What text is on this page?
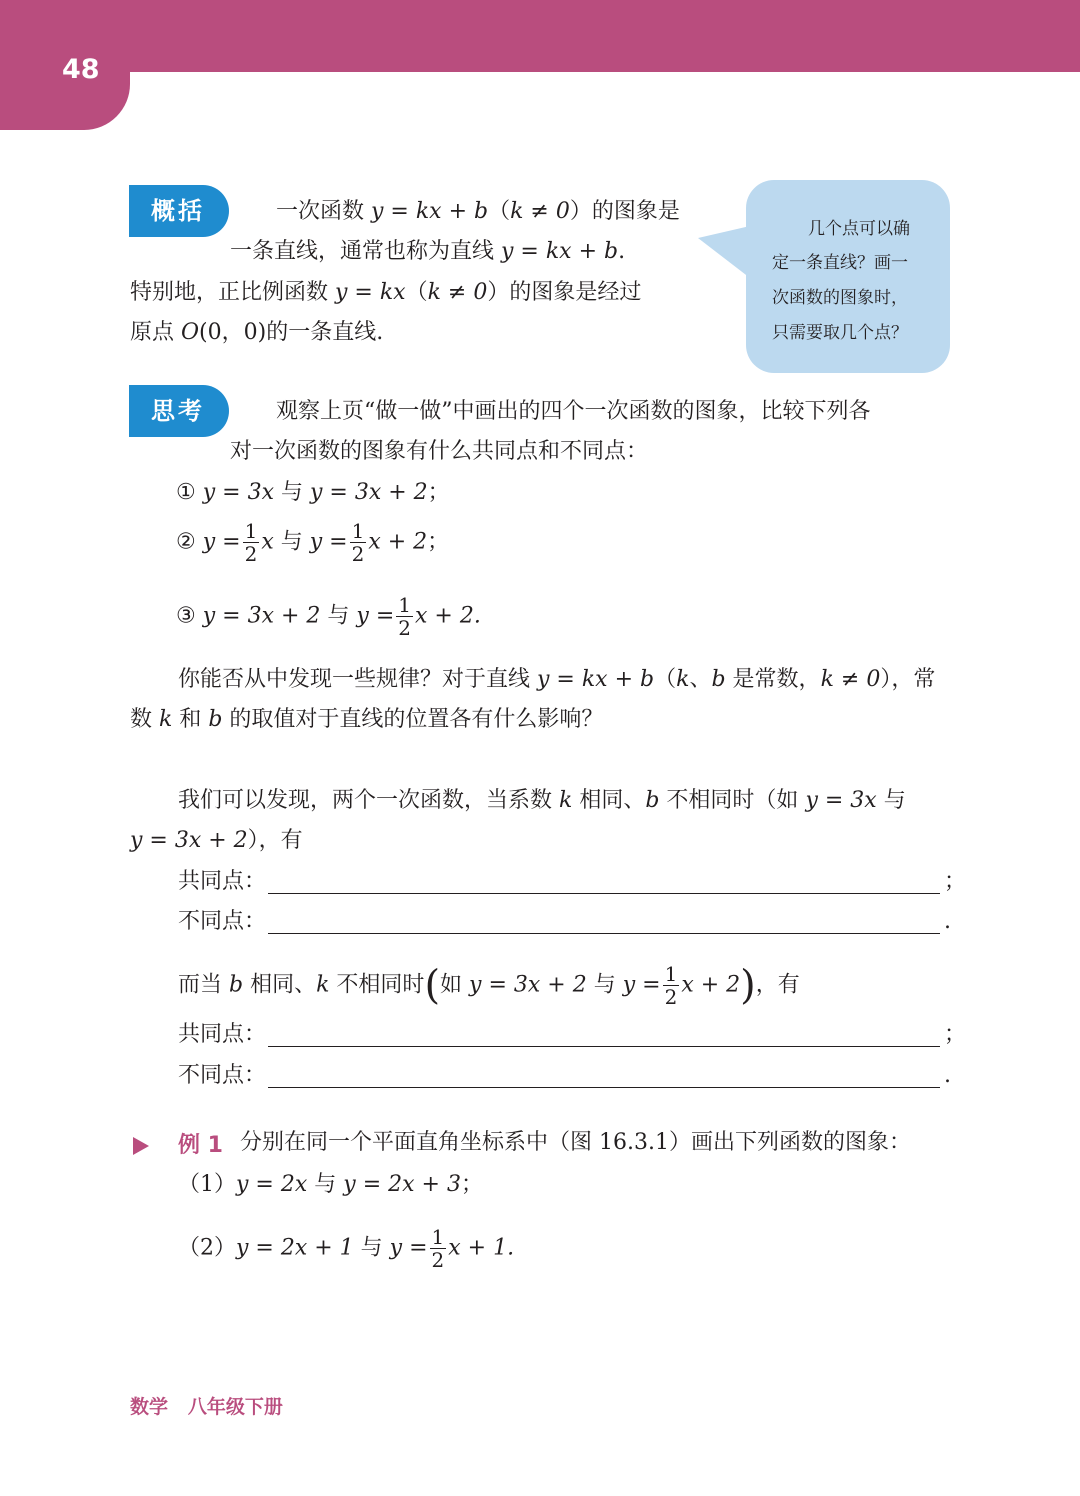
48
概括	一次函数 y = kx + b（k ≠ 0）的图象是
一条直线，通常也称为直线 y = kx + b.
特别地，正比例函数 y = kx（k ≠ 0）的图象是经过
原点 O(0，0)的一条直线.
几个点可以确
定一条直线？画一
次函数的图象时，
只需要取几个点？
思考	观察上页“做一做”中画出的四个一次函数的图象，比较下列各
对一次函数的图象有什么共同点和不同点：
① y = 3x 与 y = 3x + 2；
② $y = \frac{1}{2}$ x 与 $y = \frac{1}{2}$ x + 2；
③ y = 3x + 2 与 $y = \frac{1}{2}$ x + 2.
你能否从中发现一些规律？对于直线 y = kx + b（k、b 是常数，k ≠ 0），常
数 k 和 b 的取值对于直线的位置各有什么影响？
我们可以发现，两个一次函数，当系数 k 相同、b 不相同时（如 y = 3x 与
y = 3x + 2），有
共同点：	；
不同点：	.
而当 b 相同、k 不相同时(如 y = 3x + 2 与 $y = \frac{1}{2}$ x + 2)，有
共同点：	；
不同点：	.
例 1 分别在同一个平面直角坐标系中（图 16.3.1）画出下列函数的图象：
（1）y = 2x 与 y = 2x + 3；
（2）y = 2x + 1 与 $y = \frac{1}{2}$ x + 1.
数学 八年级下册
